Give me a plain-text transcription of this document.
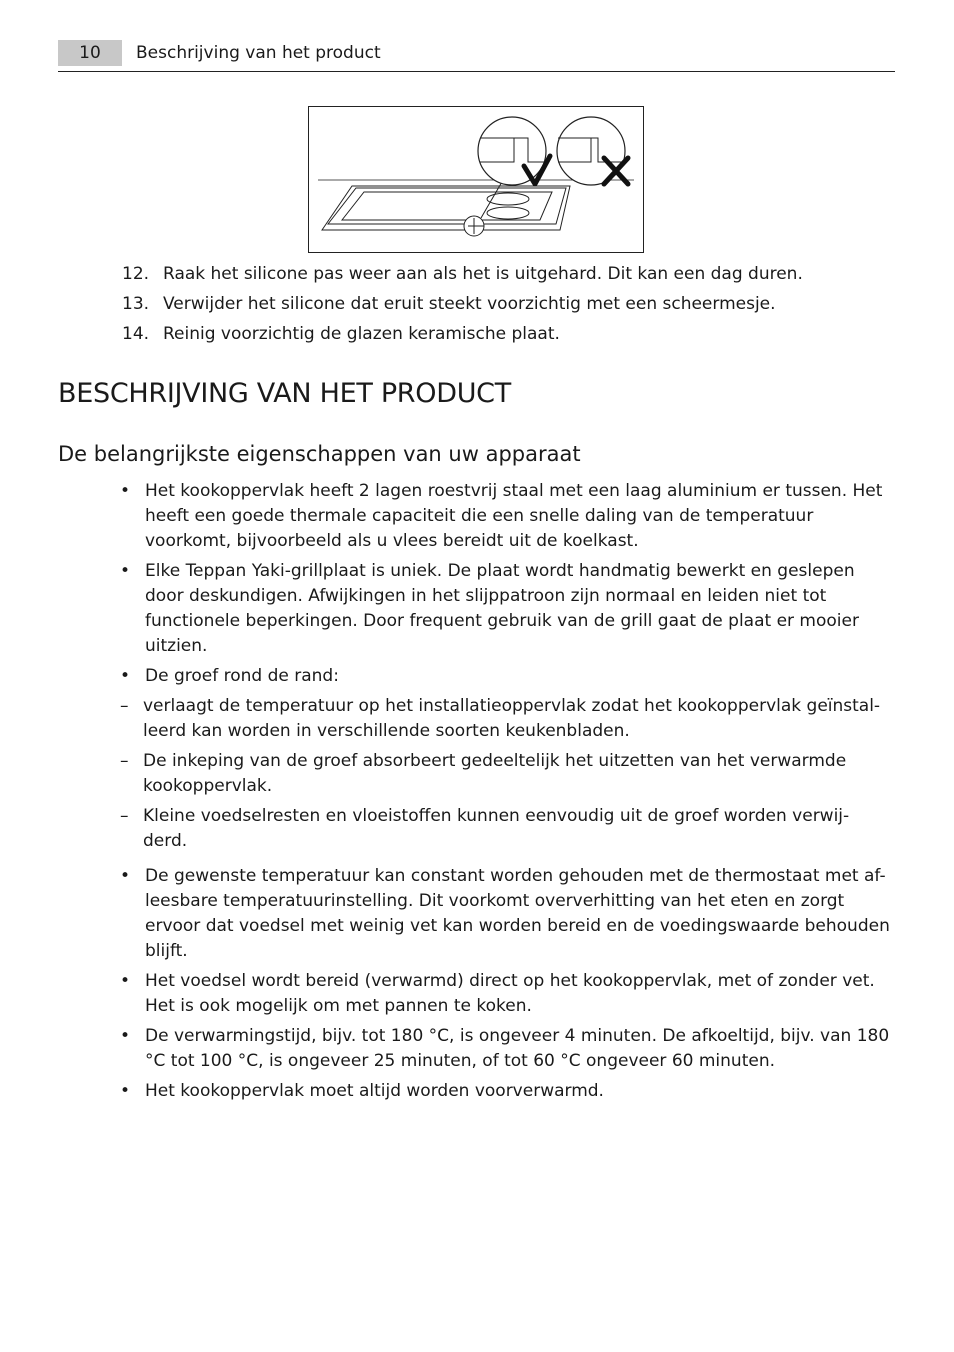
10	Beschrijving van het product
12. Raak het silicone pas weer aan als het is uitgehard. Dit kan een dag duren.
13. Verwijder het silicone dat eruit steekt voorzichtig met een scheermesje.
14. Reinig voorzichtig de glazen keramische plaat.
BESCHRIJVING VAN HET PRODUCT
De belangrijkste eigenschappen van uw apparaat
• Het kookoppervlak heeft 2 lagen roestvrij staal met een laag aluminium er tussen. Het heeft een goede thermale capaciteit die een snelle daling van de temperatuur voorkomt, bijvoorbeeld als u vlees bereidt uit de koelkast.
• Elke Teppan Yaki-grillplaat is uniek. De plaat wordt handmatig bewerkt en geslepen door deskundigen. Afwijkingen in het slijppatroon zijn normaal en leiden niet tot functionele beperkingen. Door frequent gebruik van de grill gaat de plaat er mooier uitzien.
• De groef rond de rand:
– verlaagt de temperatuur op het installatieoppervlak zodat het kookoppervlak geïnstal- leerd kan worden in verschillende soorten keukenbladen.
– De inkeping van de groef absorbeert gedeeltelijk het uitzetten van het verwarmde kookoppervlak.
– Kleine voedselresten en vloeistoffen kunnen eenvoudig uit de groef worden verwij- derd.
• De gewenste temperatuur kan constant worden gehouden met de thermostaat met af- leesbare temperatuurinstelling. Dit voorkomt oververhitting van het eten en zorgt ervoor dat voedsel met weinig vet kan worden bereid en de voedingswaarde behouden blijft.
• Het voedsel wordt bereid (verwarmd) direct op het kookoppervlak, met of zonder vet. Het is ook mogelijk om met pannen te koken.
• De verwarmingstijd, bijv. tot 180 °C, is ongeveer 4 minuten. De afkoeltijd, bijv. van 180 °C tot 100 °C, is ongeveer 25 minuten, of tot 60 °C ongeveer 60 minuten.
• Het kookoppervlak moet altijd worden voorverwarmd.
